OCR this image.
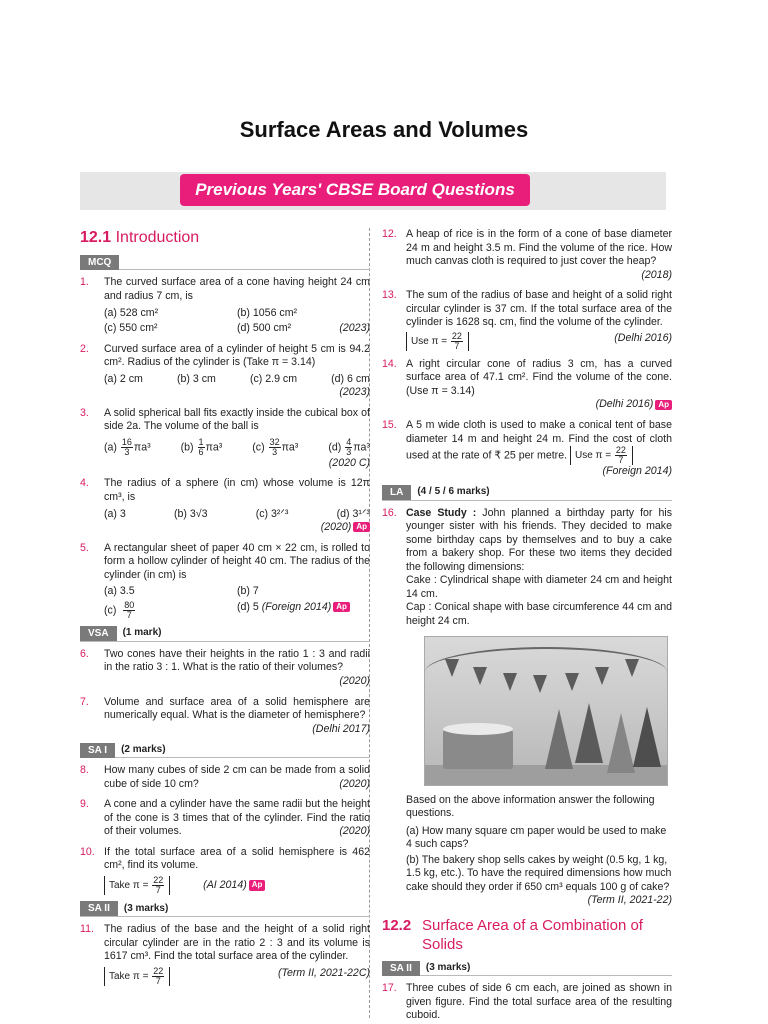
Surface Areas and Volumes
Previous Years' CBSE Board Questions
12.1 Introduction
MCQ
1.	The curved surface area of a cone having height 24 cm and radius 7 cm, is
(a) 528 cm²	(b) 1056 cm²
(c) 550 cm²	(d) 500 cm²	(2023)
2.	Curved surface area of a cylinder of height 5 cm is 94.2 cm². Radius of the cylinder is (Take π = 3.14)
(a) 2 cm	(b) 3 cm	(c) 2.9 cm	(d) 6 cm
(2023)
3.	A solid spherical ball fits exactly inside the cubical box of side 2a. The volume of the ball is
$(a) \frac{16}{3} \pi a^3$	$(b) \frac{1}{6} \pi a^3$	$(c) \frac{32}{3} \pi a^3$	$(d) \frac{4}{3} \pi a^3$
(2020 C)
4.	The radius of a sphere (in cm) whose volume is 12π cm³, is
(a) 3	(b) 3√3	(c) 3²ᐟ³	(d) 3¹ᐟ³
(2020) Ap
5.	A rectangular sheet of paper 40 cm × 22 cm, is rolled to form a hollow cylinder of height 40 cm. The radius of the cylinder (in cm) is
(a) 3.5	(b) 7
$(c) \frac{80}{7}$	(d) 5 (Foreign 2014) Ap
VSA	(1 mark)
6.	Two cones have their heights in the ratio 1 : 3 and radii in the ratio 3 : 1. What is the ratio of their volumes?
(2020)
7.	Volume and surface area of a solid hemisphere are numerically equal. What is the diameter of hemisphere?
(Delhi 2017)
SA I	(2 marks)
8.	How many cubes of side 2 cm can be made from a solid cube of side 10 cm?	(2020)
9.	A cone and a cylinder have the same radii but the height of the cone is 3 times that of the cylinder. Find the ratio of their volumes.	(2020)
10. If the total surface area of a solid hemisphere is 462 cm², find its volume.
Take $\pi = \frac{22}{7}$	(AI 2014) Ap
SA II	(3 marks)
11. The radius of the base and the height of a solid right circular cylinder are in the ratio 2 : 3 and its volume is 1617 cm³. Find the total surface area of the cylinder.
Take $\pi = \frac{22}{7}$	(Term II, 2021-22C)
12. A heap of rice is in the form of a cone of base diameter 24 m and height 3.5 m. Find the volume of the rice. How much canvas cloth is required to just cover the heap?
(2018)
13. The sum of the radius of base and height of a solid right circular cylinder is 37 cm. If the total surface area of the cylinder is 1628 sq. cm, find the volume of the cylinder.
Use $\pi = \frac{22}{7}$	(Delhi 2016)
14. A right circular cone of radius 3 cm, has a curved surface area of 47.1 cm². Find the volume of the cone. (Use π = 3.14)
(Delhi 2016) Ap
15. A 5 m wide cloth is used to make a conical tent of base diameter 14 m and height 24 m. Find the cost of cloth used at the rate of ₹ 25 per metre. Use $\pi = \frac{22}{7}$
(Foreign 2014)
LA	(4 / 5 / 6 marks)
16. Case Study : John planned a birthday party for his younger sister with his friends. They decided to make some birthday caps by themselves and to buy a cake from a bakery shop. For these two items they decided the following dimensions:
Cake : Cylindrical shape with diameter 24 cm and height 14 cm.
Cap : Conical shape with base circumference 44 cm and height 24 cm.
Based on the above information answer the following questions.
(a) How many square cm paper would be used to make 4 such caps?
(b) The bakery shop sells cakes by weight (0.5 kg, 1 kg, 1.5 kg, etc.). To have the required dimensions how much cake should they order if 650 cm³ equals 100 g of cake?
(Term II, 2021-22)
12.2 Surface Area of a Combination of Solids
SA II	(3 marks)
17. Three cubes of side 6 cm each, are joined as shown in given figure. Find the total surface area of the resulting cuboid.
